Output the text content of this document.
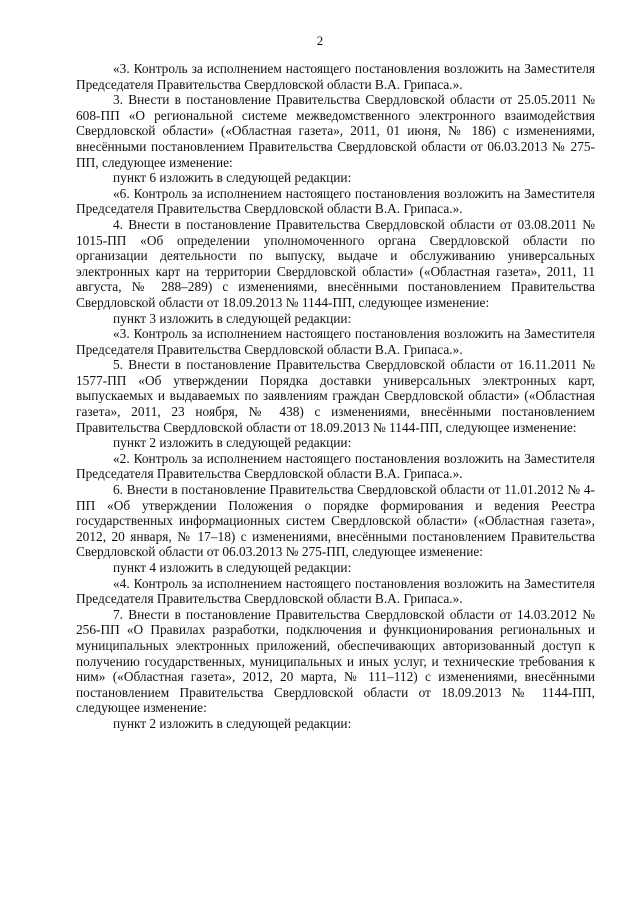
2

«3. Контроль за исполнением настоящего постановления возложить на Заместителя Председателя Правительства Свердловской области В.А. Грипаса.».

3. Внести в постановление Правительства Свердловской области от 25.05.2011 № 608-ПП «О региональной системе межведомственного электронного взаимодействия Свердловской области» («Областная газета», 2011, 01 июня, № 186) с изменениями, внесёнными постановлением Правительства Свердловской области от 06.03.2013 № 275-ПП, следующее изменение:

пункт 6 изложить в следующей редакции:

«6. Контроль за исполнением настоящего постановления возложить на Заместителя Председателя Правительства Свердловской области В.А. Грипаса.».

4. Внести в постановление Правительства Свердловской области от 03.08.2011 № 1015-ПП «Об определении уполномоченного органа Свердловской области по организации деятельности по выпуску, выдаче и обслуживанию универсальных электронных карт на территории Свердловской области» («Областная газета», 2011, 11 августа, № 288–289) с изменениями, внесёнными постановлением Правительства Свердловской области от 18.09.2013 № 1144-ПП, следующее изменение:

пункт 3 изложить в следующей редакции:

«3. Контроль за исполнением настоящего постановления возложить на Заместителя Председателя Правительства Свердловской области В.А. Грипаса.».

5. Внести в постановление Правительства Свердловской области от 16.11.2011 № 1577-ПП «Об утверждении Порядка доставки универсальных электронных карт, выпускаемых и выдаваемых по заявлениям граждан Свердловской области» («Областная газета», 2011, 23 ноября, № 438) с изменениями, внесёнными постановлением Правительства Свердловской области от 18.09.2013 № 1144-ПП, следующее изменение:

пункт 2 изложить в следующей редакции:

«2. Контроль за исполнением настоящего постановления возложить на Заместителя Председателя Правительства Свердловской области В.А. Грипаса.».

6. Внести в постановление Правительства Свердловской области от 11.01.2012 № 4-ПП «Об утверждении Положения о порядке формирования и ведения Реестра государственных информационных систем Свердловской области» («Областная газета», 2012, 20 января, № 17–18) с изменениями, внесёнными постановлением Правительства Свердловской области от 06.03.2013 № 275-ПП, следующее изменение:

пункт 4 изложить в следующей редакции:

«4. Контроль за исполнением настоящего постановления возложить на Заместителя Председателя Правительства Свердловской области В.А. Грипаса.».

7. Внести в постановление Правительства Свердловской области от 14.03.2012 № 256-ПП «О Правилах разработки, подключения и функционирования региональных и муниципальных электронных приложений, обеспечивающих авторизованный доступ к получению государственных, муниципальных и иных услуг, и технические требования к ним» («Областная газета», 2012, 20 марта, № 111–112) с изменениями, внесёнными постановлением Правительства Свердловской области от 18.09.2013 № 1144-ПП, следующее изменение:

пункт 2 изложить в следующей редакции:
